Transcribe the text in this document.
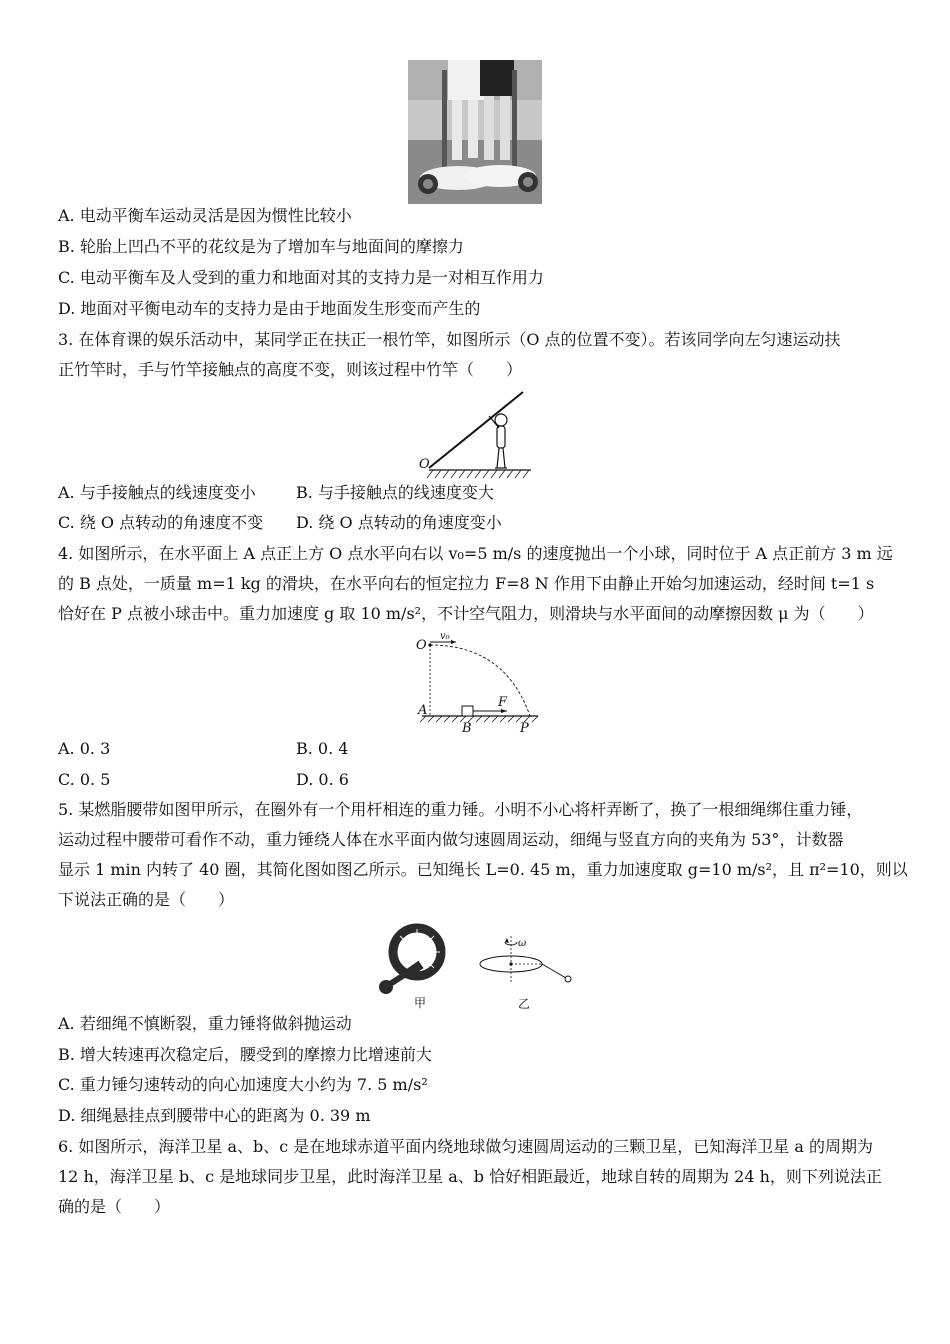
A. 电动平衡车运动灵活是因为惯性比较小
B. 轮胎上凹凸不平的花纹是为了增加车与地面间的摩擦力
C. 电动平衡车及人受到的重力和地面对其的支持力是一对相互作用力
D. 地面对平衡电动车的支持力是由于地面发生形变而产生的
3. 在体育课的娱乐活动中，某同学正在扶正一根竹竿，如图所示（O 点的位置不变）。若该同学向左匀速运动扶
正竹竿时，手与竹竿接触点的高度不变，则该过程中竹竿（　　）
O
A. 与手接触点的线速度变小	B. 与手接触点的线速度变大
C. 绕 O 点转动的角速度不变 D. 绕 O 点转动的角速度变小
4. 如图所示，在水平面上 A 点正上方 O 点水平向右以 v₀=5 m/s 的速度抛出一个小球，同时位于 A 点正前方 3 m 远
的 B 点处，一质量 m=1 kg 的滑块，在水平向右的恒定拉力 F=8 N 作用下由静止开始匀加速运动，经时间 t=1 s
恰好在 P 点被小球击中。重力加速度 g 取 10 m/s²，不计空气阻力，则滑块与水平面间的动摩擦因数 μ 为（　　）
O
v₀
A
B
F
P
A. 0. 3	B. 0. 4
C. 0. 5	D. 0. 6
5. 某燃脂腰带如图甲所示，在圈外有一个用杆相连的重力锤。小明不小心将杆弄断了，换了一根细绳绑住重力锤，
运动过程中腰带可看作不动，重力锤绕人体在水平面内做匀速圆周运动，细绳与竖直方向的夹角为 53°，计数器
显示 1 min 内转了 40 圈，其简化图如图乙所示。已知绳长 L=0. 45 m，重力加速度取 g=10 m/s²，且 π²=10，则以
下说法正确的是（　　）
甲
ω
乙
A. 若细绳不慎断裂，重力锤将做斜抛运动
B. 增大转速再次稳定后，腰受到的摩擦力比增速前大
C. 重力锤匀速转动的向心加速度大小约为 7. 5 m/s²
D. 细绳悬挂点到腰带中心的距离为 0. 39 m
6. 如图所示，海洋卫星 a、b、c 是在地球赤道平面内绕地球做匀速圆周运动的三颗卫星，已知海洋卫星 a 的周期为
12 h，海洋卫星 b、c 是地球同步卫星，此时海洋卫星 a、b 恰好相距最近，地球自转的周期为 24 h，则下列说法正
确的是（　　）
